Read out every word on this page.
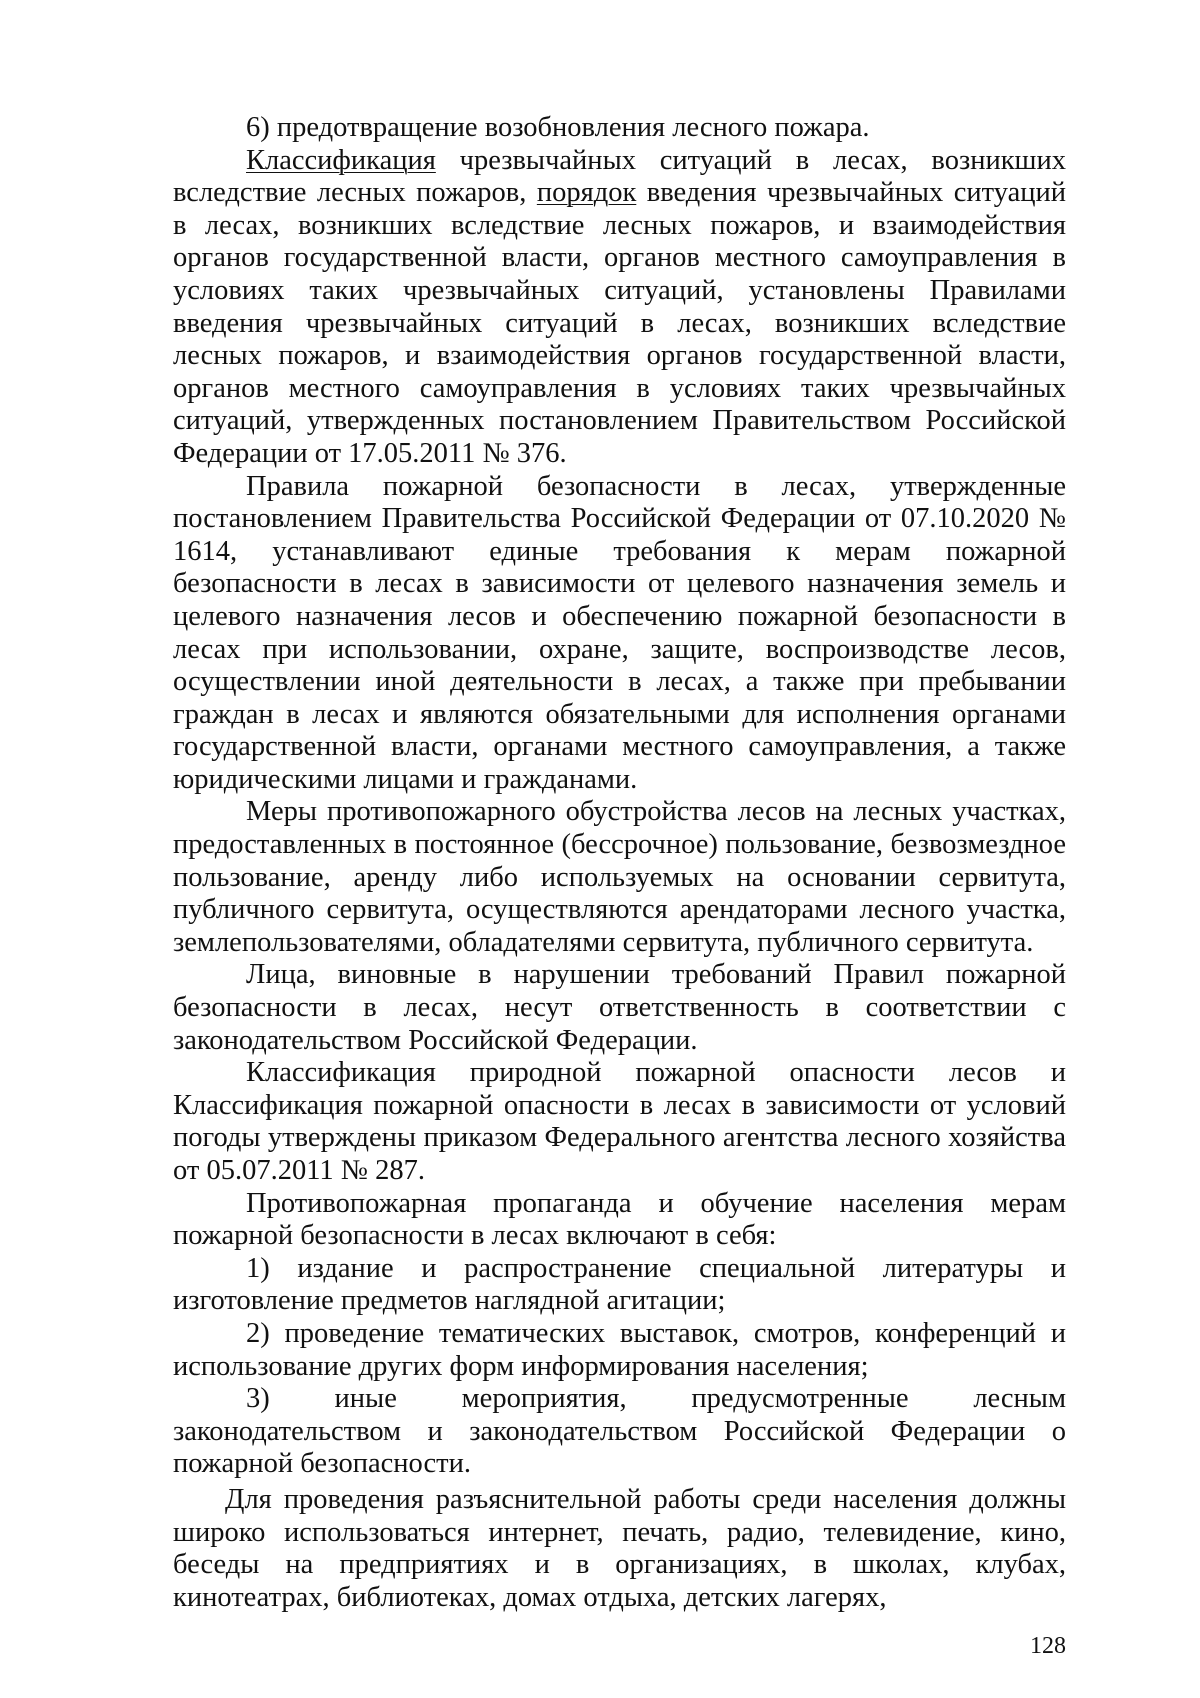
6) предотвращение возобновления лесного пожара.

Классификация чрезвычайных ситуаций в лесах, возникших вследствие лесных пожаров, порядок введения чрезвычайных ситуаций в лесах, возникших вследствие лесных пожаров, и взаимодействия органов государственной власти, органов местного самоуправления в условиях таких чрезвычайных ситуаций, установлены Правилами введения чрезвычайных ситуаций в лесах, возникших вследствие лесных пожаров, и взаимодействия органов государственной власти, органов местного самоуправления в условиях таких чрезвычайных ситуаций, утвержденных постановлением Правительством Российской Федерации от 17.05.2011 № 376.

Правила пожарной безопасности в лесах, утвержденные постановлением Правительства Российской Федерации от 07.10.2020 № 1614, устанавливают единые требования к мерам пожарной безопасности в лесах в зависимости от целевого назначения земель и целевого назначения лесов и обеспечению пожарной безопасности в лесах при использовании, охране, защите, воспроизводстве лесов, осуществлении иной деятельности в лесах, а также при пребывании граждан в лесах и являются обязательными для исполнения органами государственной власти, органами местного самоуправления, а также юридическими лицами и гражданами.

Меры противопожарного обустройства лесов на лесных участках, предоставленных в постоянное (бессрочное) пользование, безвозмездное пользование, аренду либо используемых на основании сервитута, публичного сервитута, осуществляются арендаторами лесного участка, землепользователями, обладателями сервитута, публичного сервитута.

Лица, виновные в нарушении требований Правил пожарной безопасности в лесах, несут ответственность в соответствии с законодательством Российской Федерации.

Классификация природной пожарной опасности лесов и Классификация пожарной опасности в лесах в зависимости от условий погоды утверждены приказом Федерального агентства лесного хозяйства от 05.07.2011 № 287.

Противопожарная пропаганда и обучение населения мерам пожарной безопасности в лесах включают в себя:

1) издание и распространение специальной литературы и изготовление предметов наглядной агитации;

2) проведение тематических выставок, смотров, конференций и использование других форм информирования населения;

3) иные мероприятия, предусмотренные лесным законодательством и законодательством Российской Федерации о пожарной безопасности.

Для проведения разъяснительной работы среди населения должны широко использоваться интернет, печать, радио, телевидение, кино, беседы на предприятиях и в организациях, в школах, клубах, кинотеатрах, библиотеках, домах отдыха, детских лагерях,

128
